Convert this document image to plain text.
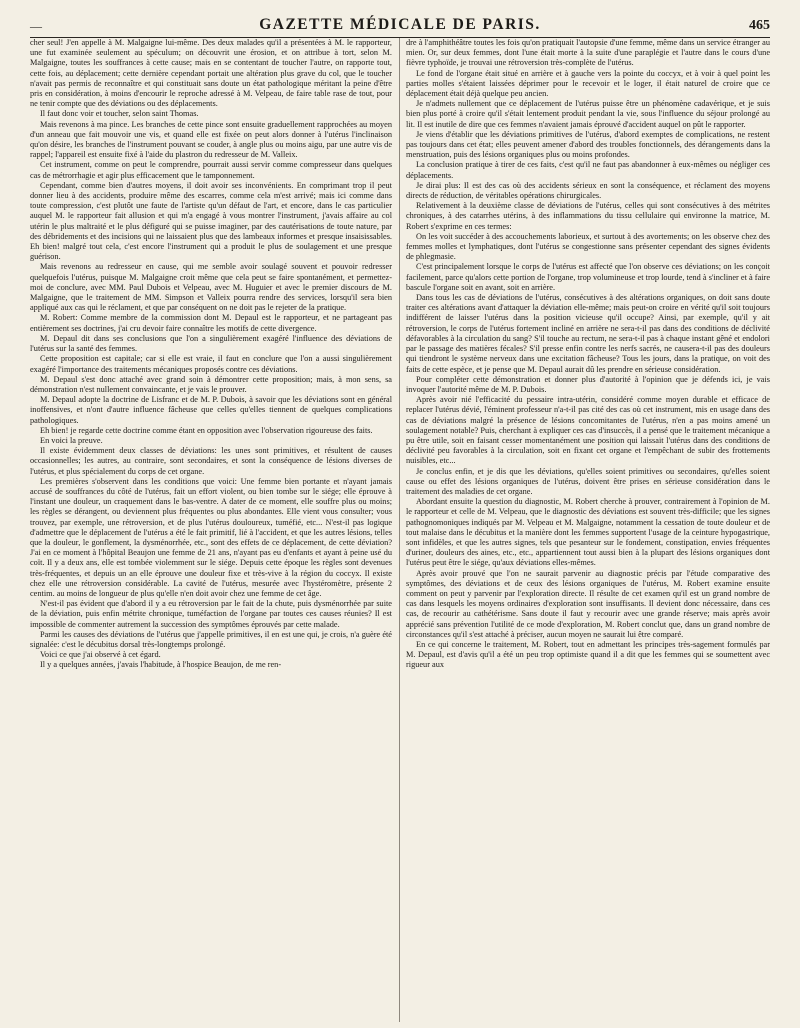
—	GAZETTE MÉDICALE DE PARIS.	465

cher seul! J'en appelle à M. Malgaigne lui-même. Des deux malades qu'il a présentées à M. le rapporteur, une fut examinée seulement au spéculum; on découvrit une érosion, et on attribue à tort, selon M. Malgaigne, toutes les souffrances à cette cause; mais en se contentant de toucher l'autre, on rapporte tout, cette fois, au déplacement; cette dernière cependant portait une altération plus grave du col, que le toucher n'avait pas permis de reconnaître et qui constituait sans doute un état pathologique méritant la peine d'être pris en considération, à moins d'encourir le reproche adressé à M. Velpeau, de faire table rase de tout, pour ne tenir compte que des déviations ou des déplacements.

Il faut donc voir et toucher, selon saint Thomas.

Mais revenons à ma pince. Les branches de cette pince sont ensuite graduellement rapprochées au moyen d'un anneau que fait mouvoir une vis, et quand elle est fixée on peut alors donner à l'utérus l'inclinaison qu'on désire, les branches de l'instrument pouvant se couder, à angle plus ou moins aigu, par une autre vis de rappel; l'appareil est ensuite fixé à l'aide du plastron du redresseur de M. Valleix.

Cet instrument, comme on peut le comprendre, pourrait aussi servir comme compresseur dans quelques cas de métrorrhagie et agir plus efficacement que le tamponnement.

Cependant, comme bien d'autres moyens, il doit avoir ses inconvénients. En comprimant trop il peut donner lieu à des accidents, produire même des escarres, comme cela m'est arrivé; mais ici comme dans toute compression, c'est plutôt une faute de l'artiste qu'un défaut de l'art, et encore, dans le cas particulier auquel M. le rapporteur fait allusion et qui m'a engagé à vous montrer l'instrument, j'avais affaire au col utérin le plus maltraité et le plus défiguré qui se puisse imaginer, par des cautérisations de toute nature, par des débridements et des incisions qui ne laissaient plus que des lambeaux informes et presque insaisissables. Eh bien! malgré tout cela, c'est encore l'instrument qui a produit le plus de soulagement et une presque guérison.

Mais revenons au redresseur en cause, qui me semble avoir soulagé souvent et pouvoir redresser quelquefois l'utérus, puisque M. Malgaigne croit même que cela peut se faire spontanément, et permettez-moi de conclure, avec MM. Paul Dubois et Velpeau, avec M. Huguier et avec le premier discours de M. Malgaigne, que le traitement de MM. Simpson et Valleix pourra rendre des services, lorsqu'il sera bien appliqué aux cas qui le réclament, et que par conséquent on ne doit pas le rejeter de la pratique.

M. Robert: Comme membre de la commission dont M. Depaul est le rapporteur, et ne partageant pas entièrement ses doctrines, j'ai cru devoir faire connaître les motifs de cette divergence.

M. Depaul dit dans ses conclusions que l'on a singulièrement exagéré l'influence des déviations de l'utérus sur la santé des femmes.

Cette proposition est capitale; car si elle est vraie, il faut en conclure que l'on a aussi singulièrement exagéré l'importance des traitements mécaniques proposés contre ces déviations.

M. Depaul s'est donc attaché avec grand soin à démontrer cette proposition; mais, à mon sens, sa démonstration n'est nullement convaincante, et je vais le prouver.

M. Depaul adopte la doctrine de Lisfranc et de M. P. Dubois, à savoir que les déviations sont en général inoffensives, et n'ont d'autre influence fâcheuse que celles qu'elles tiennent de quelques complications pathologiques.

Eh bien! je regarde cette doctrine comme étant en opposition avec l'observation rigoureuse des faits.

En voici la preuve.

Il existe évidemment deux classes de déviations: les unes sont primitives, et résultent de causes occasionnelles; les autres, au contraire, sont secondaires, et sont la conséquence de lésions diverses de l'utérus, et plus spécialement du corps de cet organe.

Les premières s'observent dans les conditions que voici: Une femme bien portante et n'ayant jamais accusé de souffrances du côté de l'utérus, fait un effort violent, ou bien tombe sur le siége; elle éprouve à l'instant une douleur, un craquement dans le bas-ventre. A dater de ce moment, elle souffre plus ou moins; les règles se dérangent, ou deviennent plus fréquentes ou plus abondantes. Elle vient vous consulter; vous trouvez, par exemple, une rétroversion, et de plus l'utérus douloureux, tuméfié, etc... N'est-il pas logique d'admettre que le déplacement de l'utérus a été le fait primitif, lié à l'accident, et que les autres lésions, telles que la douleur, le gonflement, la dysménorrhée, etc., sont des effets de ce déplacement, de cette déviation? J'ai en ce moment à l'hôpital Beaujon une femme de 21 ans, n'ayant pas eu d'enfants et ayant à peine usé du coït. Il y a deux ans, elle est tombée violemment sur le siége. Depuis cette époque les règles sont devenues très-fréquentes, et depuis un an elle éprouve une douleur fixe et très-vive à la région du coccyx. Il existe chez elle une rétroversion considérable. La cavité de l'utérus, mesurée avec l'hystéromètre, présente 2 centim. au moins de longueur de plus qu'elle n'en doit avoir chez une femme de cet âge.

N'est-il pas évident que d'abord il y a eu rétroversion par le fait de la chute, puis dysménorrhée par suite de la déviation, puis enfin métrite chronique, tuméfaction de l'organe par toutes ces causes réunies? Il est impossible de commenter autrement la succession des symptômes éprouvés par cette malade.

Parmi les causes des déviations de l'utérus que j'appelle primitives, il en est une qui, je crois, n'a guère été signalée: c'est le décubitus dorsal très-longtemps prolongé.

Voici ce que j'ai observé à cet égard.

Il y a quelques années, j'avais l'habitude, à l'hospice Beaujon, de me ren-

dre à l'amphithéâtre toutes les fois qu'on pratiquait l'autopsie d'une femme, même dans un service étranger au mien. Or, sur deux femmes, dont l'une était morte à la suite d'une paraplégie et l'autre dans le cours d'une fièvre typhoïde, je trouvai une rétroversion très-complète de l'utérus.

Le fond de l'organe était situé en arrière et à gauche vers la pointe du coccyx, et à voir à quel point les parties molles s'étaient laissées déprimer pour le recevoir et le loger, il était naturel de croire que ce déplacement était déjà quelque peu ancien.

Je n'admets nullement que ce déplacement de l'utérus puisse être un phénomène cadavérique, et je suis bien plus porté à croire qu'il s'était lentement produit pendant la vie, sous l'influence du séjour prolongé au lit. Il est inutile de dire que ces femmes n'avaient jamais éprouvé d'accident auquel on pût le rapporter.

Je viens d'établir que les déviations primitives de l'utérus, d'abord exemptes de complications, ne restent pas toujours dans cet état; elles peuvent amener d'abord des troubles fonctionnels, des dérangements dans la menstruation, puis des lésions organiques plus ou moins profondes.

La conclusion pratique à tirer de ces faits, c'est qu'il ne faut pas abandonner à eux-mêmes ou négliger ces déplacements.

Je dirai plus: Il est des cas où des accidents sérieux en sont la conséquence, et réclament des moyens directs de réduction, de véritables opérations chirurgicales.

Relativement à la deuxième classe de déviations de l'utérus, celles qui sont consécutives à des métrites chroniques, à des catarrhes utérins, à des inflammations du tissu cellulaire qui environne la matrice, M. Robert s'exprime en ces termes:

On les voit succéder à des accouchements laborieux, et surtout à des avortements; on les observe chez des femmes molles et lymphatiques, dont l'utérus se congestionne sans présenter cependant des signes évidents de phlegmasie.

C'est principalement lorsque le corps de l'utérus est affecté que l'on observe ces déviations; on les conçoit facilement, parce qu'alors cette portion de l'organe, trop volumineuse et trop lourde, tend à s'incliner et à faire bascule l'organe soit en avant, soit en arrière.

Dans tous les cas de déviations de l'utérus, consécutives à des altérations organiques, on doit sans doute traiter ces altérations avant d'attaquer la déviation elle-même; mais peut-on croire en vérité qu'il soit toujours indifférent de laisser l'utérus dans la position vicieuse qu'il occupe? Ainsi, par exemple, qu'il y ait rétroversion, le corps de l'utérus fortement incliné en arrière ne sera-t-il pas dans des conditions de déclivité défavorables à la circulation du sang? S'il touche au rectum, ne sera-t-il pas à chaque instant gêné et endolori par le passage des matières fécales? S'il presse enfin contre les nerfs sacrés, ne causera-t-il pas des douleurs qui tiendront le système nerveux dans une excitation fâcheuse? Tous les jours, dans la pratique, on voit des faits de cette espèce, et je pense que M. Depaul aurait dû les prendre en sérieuse considération.

Pour compléter cette démonstration et donner plus d'autorité à l'opinion que je défends ici, je vais invoquer l'autorité même de M. P. Dubois.

Après avoir nié l'efficacité du pessaire intra-utérin, considéré comme moyen durable et efficace de replacer l'utérus dévié, l'éminent professeur n'a-t-il pas cité des cas où cet instrument, mis en usage dans des cas de déviations malgré la présence de lésions concomitantes de l'utérus, n'en a pas moins amené un soulagement notable? Puis, cherchant à expliquer ces cas d'insuccès, il a pensé que le traitement mécanique a pu être utile, soit en faisant cesser momentanément une position qui laissait l'utérus dans des conditions de déclivité peu favorables à la circulation, soit en fixant cet organe et l'empêchant de subir des frottements nuisibles, etc...

Je conclus enfin, et je dis que les déviations, qu'elles soient primitives ou secondaires, qu'elles soient cause ou effet des lésions organiques de l'utérus, doivent être prises en sérieuse considération dans le traitement des maladies de cet organe.

Abordant ensuite la question du diagnostic, M. Robert cherche à prouver, contrairement à l'opinion de M. le rapporteur et celle de M. Velpeau, que le diagnostic des déviations est souvent très-difficile; que les signes pathognomoniques indiqués par M. Velpeau et M. Malgaigne, notamment la cessation de toute douleur et de tout malaise dans le décubitus et la manière dont les femmes supportent l'usage de la ceinture hypogastrique, sont infidèles, et que les autres signes, tels que pesanteur sur le fondement, constipation, envies fréquentes d'uriner, douleurs des aines, etc., etc., appartiennent tout aussi bien à la plupart des lésions organiques dont l'utérus peut être le siége, qu'aux déviations elles-mêmes.

Après avoir prouvé que l'on ne saurait parvenir au diagnostic précis par l'étude comparative des symptômes, des déviations et de ceux des lésions organiques de l'utérus, M. Robert examine ensuite comment on peut y parvenir par l'exploration directe. Il résulte de cet examen qu'il est un grand nombre de cas dans lesquels les moyens ordinaires d'exploration sont insuffisants. Il devient donc nécessaire, dans ces cas, de recourir au cathétérisme. Sans doute il faut y recourir avec une grande réserve; mais après avoir apprécié sans prévention l'utilité de ce mode d'exploration, M. Robert conclut que, dans un grand nombre de circonstances qu'il s'est attaché à préciser, aucun moyen ne saurait lui être comparé.

En ce qui concerne le traitement, M. Robert, tout en admettant les principes très-sagement formulés par M. Depaul, est d'avis qu'il a été un peu trop optimiste quand il a dit que les femmes qui se soumettent avec rigueur aux
